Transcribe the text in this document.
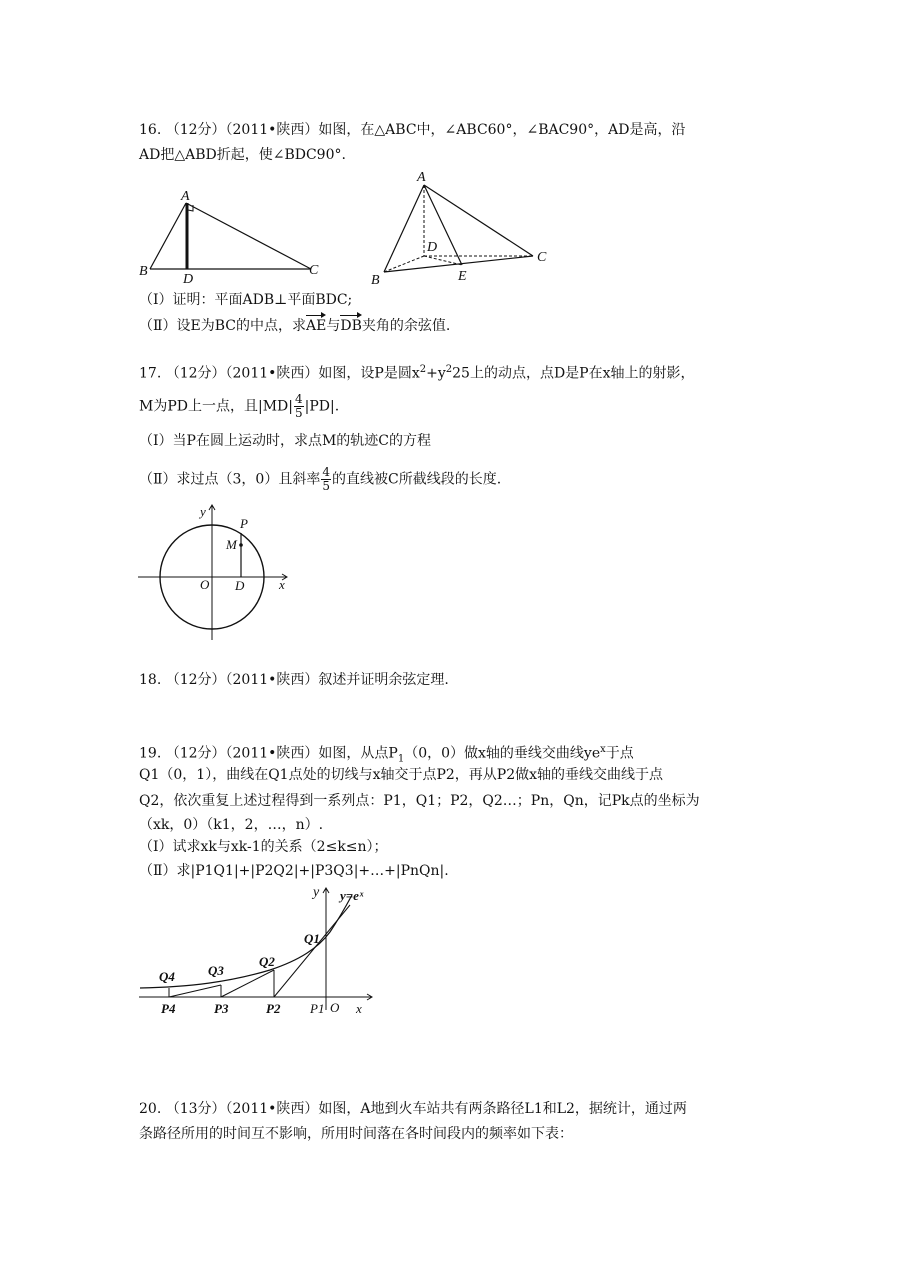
16. （12分）（2011•陕西）如图，在△ABC中，∠ABC60°，∠BAC90°，AD是高，沿
AD把△ABD折起，使∠BDC90°.
A
B
D
C
A
D
C
B	E
（Ⅰ）证明：平面ADB⊥平面BDC;
（Ⅱ）设E为BC的中点，求AE与DB夹角的余弦值.
17. （12分）（2011•陕西）如图，设P是圆$x^2+y^225$上的动点，点D是P在x轴上的射影，
M为PD上一点，且$|MD| \frac{4}{5} |PD|$.
（Ⅰ）当P在圆上运动时，求点M的轨迹C的方程
（Ⅱ）求过点（3，0）且斜率 $\frac{4}{5}$ 的直线被C所截线段的长度.
y
P
M
O D	x
18. （12分）（2011•陕西）叙述并证明余弦定理.
19. （12分）（2011•陕西）如图，从点$P_1(0$，0）做x轴的垂线交曲线$ye^x$于点
Q1（0，1），曲线在Q1点处的切线与x轴交于点P2，再从P2做x轴的垂线交曲线于点
Q2，依次重复上述过程得到一系列点：P1，Q1；P2，Q2…；Pn，Qn，记Pk点的坐标为
（xk，0）（k1，2，…，n）.
（Ⅰ）试求xk与xk-1的关系（2≤k≤n）；
（Ⅱ）求|P1Q1|+|P2Q2|+|P3Q3|+…+|PnQn|.
y y=eˣ
Q1
Q2
Q3
Q4
P4	P3	P2 P1 O x
20. （13分）（2011•陕西）如图，A地到火车站共有两条路径L1和L2，据统计，通过两
条路径所用的时间互不影响，所用时间落在各时间段内的频率如下表：
